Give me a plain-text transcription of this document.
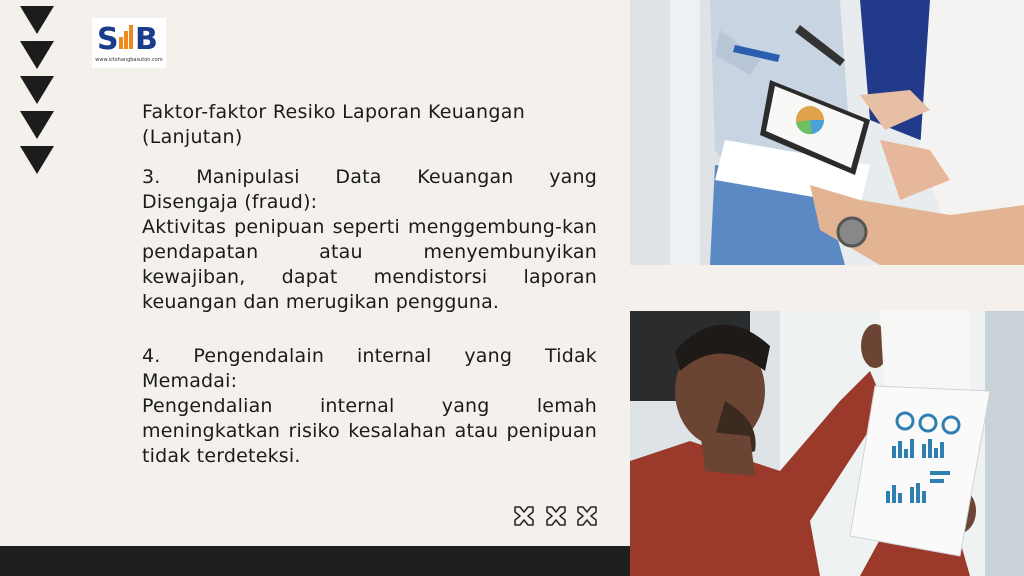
S B
www.sitohangbasuton.com
Faktor-faktor Resiko Laporan Keuangan
(Lanjutan)

3. Manipulasi Data Keuangan yang

Disengaja (fraud):

Aktivitas penipuan seperti menggembung-kan pendapatan atau menyembunyikan kewajiban, dapat mendistorsi laporan keuangan dan merugikan pengguna.

4. Pengendalain internal yang Tidak

Memadai:

Pengendalian internal yang lemah meningkatkan risiko kesalahan atau penipuan tidak terdeteksi.
